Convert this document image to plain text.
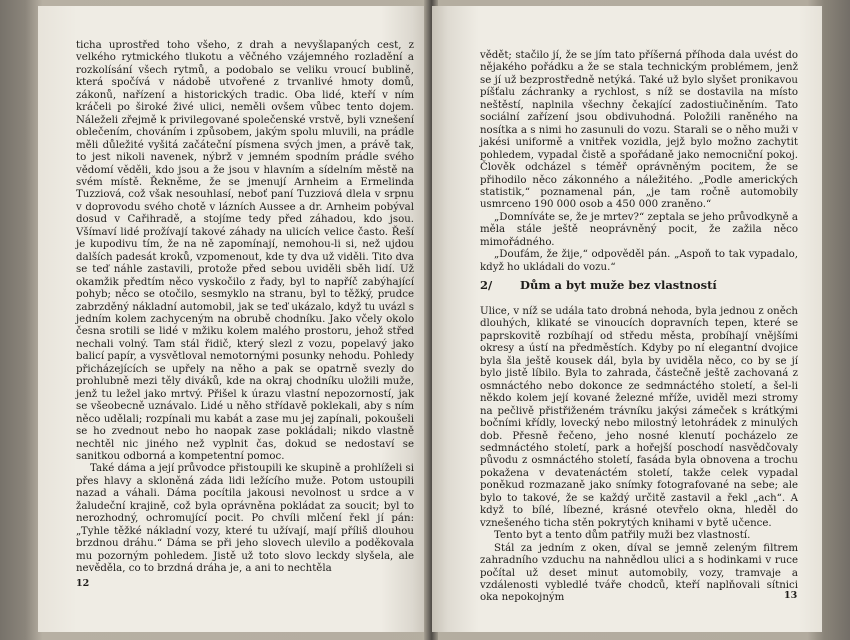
ticha uprostřed toho všeho, z drah a nevyšlapaných cest, z velkého rytmického tlukotu a věčného vzájemného rozladění a rozkolísání všech rytmů, a podobalo se veliku vroucí bublině, která spočívá v nádobě utvořené z trvanlivé hmoty domů, zákonů, nařízení a historických tradic. Oba lidé, kteří v ním kráčeli po široké živé ulici, neměli ovšem vůbec tento dojem. Náleželi zřejmě k privilegované společenské vrstvě, byli vznešení oblečením, chováním i způsobem, jakým spolu mluvili, na prádle měli důležité vyšitá začáteční písmena svých jmen, a právě tak, to jest nikoli navenek, nýbrž v jemném spodním prádle svého vědomí věděli, kdo jsou a že jsou v hlavním a sídelním městě na svém místě. Řekněme, že se jmenují Arnheim a Ermelinda Tuzziová, což však nesouhlasí, neboť paní Tuzziová dlela v srpnu v doprovodu svého chotě v lázních Aussee a dr. Arnheim pobýval dosud v Cařihradě, a stojíme tedy před záhadou, kdo jsou. Všímaví lidé prožívají takové záhady na ulicích velice často. Řeší je kupodivu tím, že na ně zapomínají, nemohou-li si, než ujdou dalších padesát kroků, vzpomenout, kde ty dva už viděli. Tito dva se teď náhle zastavili, protože před sebou uviděli sběh lidí. Už okamžik předtím něco vyskočilo z řady, byl to napříč zabýhající pohyb; něco se otočilo, sesmyklo na stranu, byl to těžký, prudce zabrzděný nákladní automobil, jak se teď ukázalo, když tu uvázl s jedním kolem zachyceným na obrubě chodníku. Jako včely okolo česna srotili se lidé v mžiku kolem malého prostoru, jehož střed nechali volný. Tam stál řidič, který slezl z vozu, popelavý jako balicí papír, a vysvětloval nemotornými posunky nehodu. Pohledy přicházejících se upřely na něho a pak se opatrně svezly do prohlubně mezi těly diváků, kde na okraj chodníku uložili muže, jenž tu ležel jako mrtvý. Přišel k úrazu vlastní nepozorností, jak se všeobecně uznávalo. Lidé u něho střídavě poklekali, aby s ním něco udělali; rozpínali mu kabát a zase mu jej zapínali, pokoušeli se ho zvednout nebo ho naopak zase pokládali; nikdo vlastně nechtěl nic jiného než vyplnit čas, dokud se nedostaví se sanitkou odborná a kompetentní pomoc.

Také dáma a její průvodce přistoupili ke skupině a prohlíželi si přes hlavy a skloněná záda lidi ležícího muže. Potom ustoupili nazad a váhali. Dáma pocítila jakousi nevolnost u srdce a v žaludeční krajině, což byla oprávněna pokládat za soucit; byl to nerozhodný, ochromující pocit. Po chvíli mlčení řekl jí pán: „Tyhle těžké nákladní vozy, které tu užívají, mají příliš dlouhou brzdnou dráhu.“ Dáma se při jeho slovech ulevilo a poděkovala mu pozorným pohledem. Jistě už toto slovo leckdy slyšela, ale nevěděla, co to brzdná dráha je, a ani to nechtěla

12

vědět; stačilo jí, že se jím tato příšerná příhoda dala uvést do nějakého pořádku a že se stala technickým problémem, jenž se jí už bezprostředně netýká. Také už bylo slyšet pronikavou píšťalu záchranky a rychlost, s níž se dostavila na místo neštěstí, naplnila všechny čekající zadostiučiněním. Tato sociální zařízení jsou obdivuhodná. Položili raněného na nosítka a s nimi ho zasunuli do vozu. Starali se o něho muži v jakési uniformě a vnitřek vozidla, jejž bylo možno zachytit pohledem, vypadal čistě a spořádaně jako nemocniční pokoj. Člověk odcházel s téměř oprávněným pocitem, že se přihodilo něco zákonného a náležitého. „Podle amerických statistik,“ poznamenal pán, „je tam ročně automobily usmrceno 190 000 osob a 450 000 zraněno.“

„Domníváte se, že je mrtev?“ zeptala se jeho průvodkyně a měla stále ještě neoprávněný pocit, že zažila něco mimořádného.

„Doufám, že žije,“ odpověděl pán. „Aspoň to tak vypadalo, když ho ukládali do vozu.“

2/ Dům a byt muže bez vlastností

Ulice, v níž se udála tato drobná nehoda, byla jednou z oněch dlouhých, klikaté se vinoucích dopravních tepen, které se paprskovitě rozbíhají od středu města, probíhají vnějšími okresy a ústí na předměstích. Kdyby po ní elegantní dvojice byla šla ještě kousek dál, byla by uviděla něco, co by se jí bylo jistě líbilo. Byla to zahrada, částečně ještě zachovaná z osmnáctého nebo dokonce ze sedmnáctého století, a šel-li někdo kolem její kované železné mříže, uviděl mezi stromy na pečlivě přistřiženém trávníku jakýsi zámeček s krátkými bočními křídly, lovecký nebo milostný letohrádek z minulých dob. Přesně řečeno, jeho nosné klenutí pocházelo ze sedmnáctého století, park a hořejší poschodí nasvědčovaly původu z osmnáctého století, fasáda byla obnovena a trochu pokažena v devatenáctém století, takže celek vypadal poněkud rozmazaně jako snímky fotografované na sebe; ale bylo to takové, že se každý určitě zastavil a řekl „ach“. A když to bílé, líbezné, krásné otevřelo okna, hleděl do vznešeného ticha stěn pokrytých knihami v bytě učence.

Tento byt a tento dům patřily muži bez vlastností.

Stál za jedním z oken, díval se jemně zeleným filtrem zahradního vzduchu na nahnědlou ulici a s hodinkami v ruce počítal už deset minut automobily, vozy, tramvaje a vzdálenosti vybledlé tváře chodců, kteří naplňovali sítnici oka nepokojným	13
